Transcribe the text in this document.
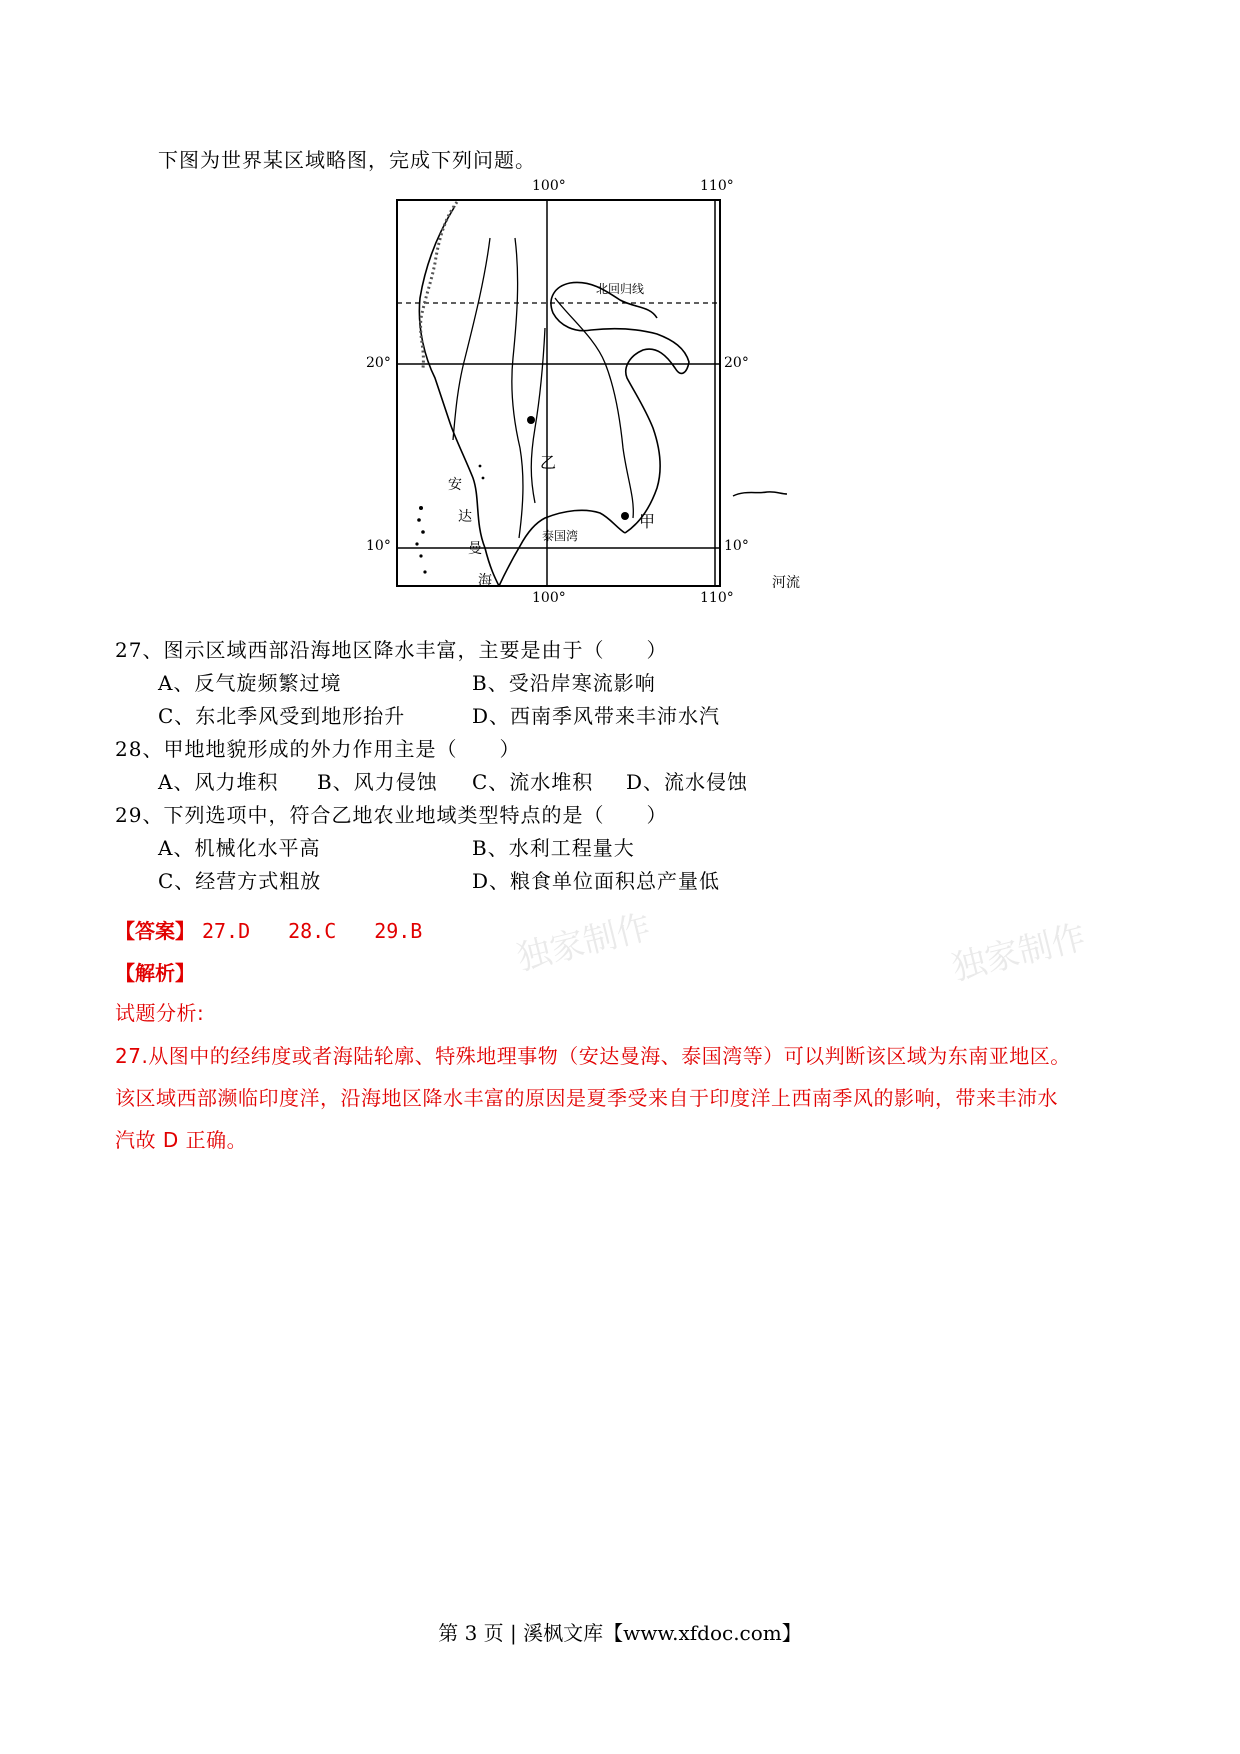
下图为世界某区域略图，完成下列问题。
100°	110°
100°	110°
20°
10°
20°
10°
北回归线
泰国湾
安
达
曼
海
甲
乙
河流
27、图示区域西部沿海地区降水丰富，主要是由于（　　）
A、反气旋频繁过境	B、受沿岸寒流影响
C、东北季风受到地形抬升	D、西南季风带来丰沛水汽
28、甲地地貌形成的外力作用主是（　　）
A、风力堆积 B、风力侵蚀 C、流水堆积 D、流水侵蚀
29、下列选项中，符合乙地农业地域类型特点的是（　　）
A、机械化水平高	B、水利工程量大
C、经营方式粗放	D、粮食单位面积总产量低
独家制作	独家制作
【答案】 27.D 28.C 29.B
【解析】
试题分析:
27.从图中的经纬度或者海陆轮廓、特殊地理事物（安达曼海、泰国湾等）可以判断该区域为东南亚地区。
该区域西部濒临印度洋，沿海地区降水丰富的原因是夏季受来自于印度洋上西南季风的影响，带来丰沛水
汽故 D 正确。
第 3 页 | 溪枫文库【www.xfdoc.com】
